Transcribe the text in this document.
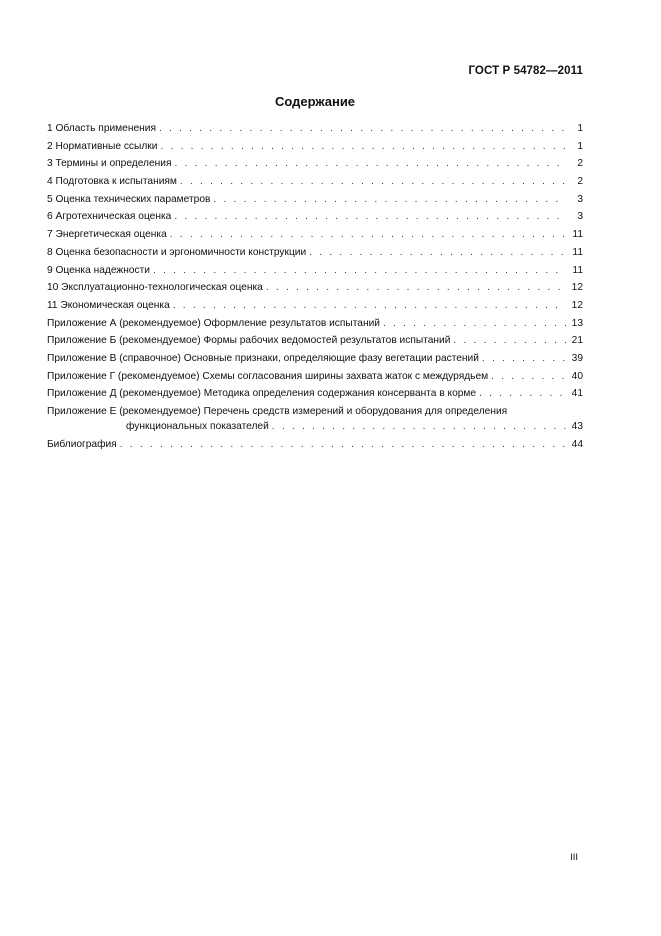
ГОСТ Р 54782—2011
Содержание
1 Область применения . . .	1
2 Нормативные ссылки . . .	1
3 Термины и определения . . .	2
4 Подготовка к испытаниям . . .	2
5 Оценка технических параметров . . .	3
6 Агротехническая оценка . . .	3
7 Энергетическая оценка . . .	11
8 Оценка безопасности и эргономичности конструкции . . .	11
9 Оценка надежности . . .	11
10 Эксплуатационно-технологическая оценка . . .	12
11 Экономическая оценка . . .	12
Приложение А (рекомендуемое) Оформление результатов испытаний . . .	13
Приложение Б (рекомендуемое) Формы рабочих ведомостей результатов испытаний . . .	21
Приложение В (справочное) Основные признаки, определяющие фазу вегетации растений . . .	39
Приложение Г (рекомендуемое) Схемы согласования ширины захвата жаток с междурядьем . . .	40
Приложение Д (рекомендуемое) Методика определения содержания консерванта в корме . . .	41
Приложение Е (рекомендуемое) Перечень средств измерений и оборудования для определения
функциональных показателей . . .	43
Библиография . . .	44
III
